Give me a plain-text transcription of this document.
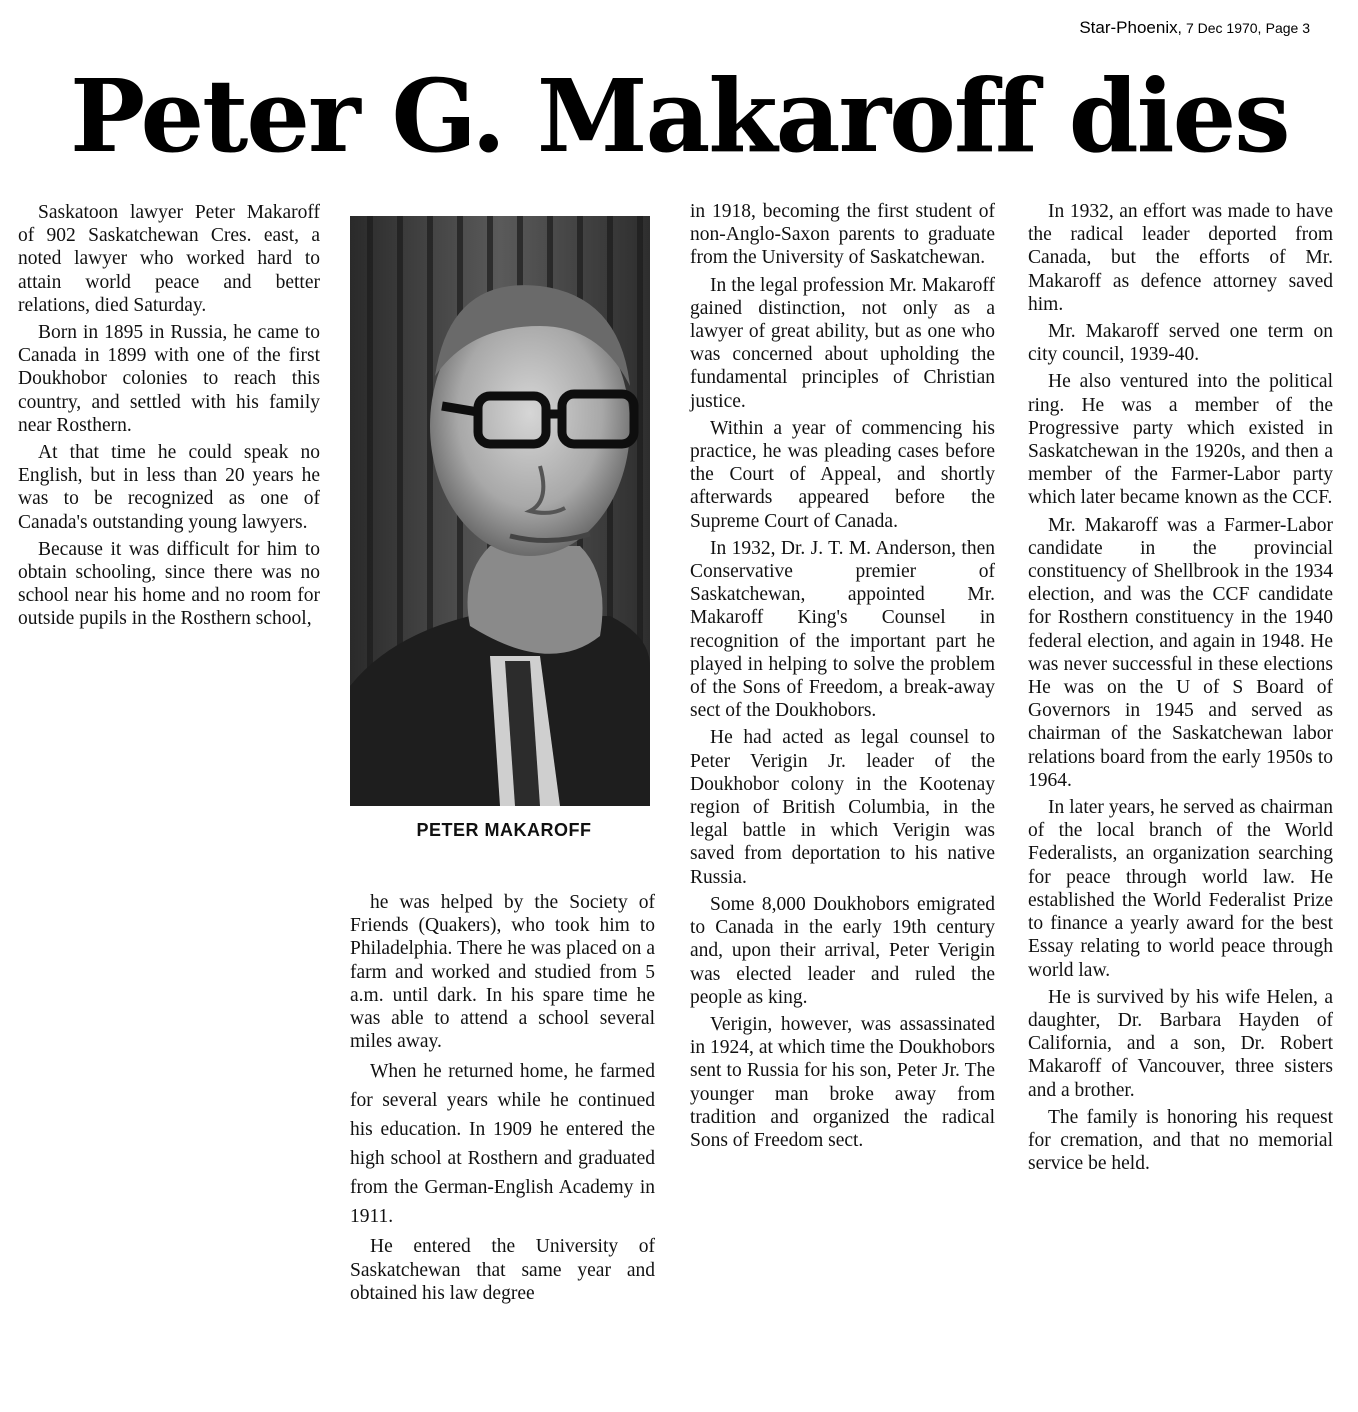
Star-Phoenix, 7 Dec 1970, Page 3
Peter G. Makaroff dies

Saskatoon lawyer Peter Makaroff of 902 Saskatchewan Cres. east, a noted lawyer who worked hard to attain world peace and better relations, died Saturday.

Born in 1895 in Russia, he came to Canada in 1899 with one of the first Doukhobor colonies to reach this country, and settled with his family near Rosthern.

At that time he could speak no English, but in less than 20 years he was to be recognized as one of Canada's outstanding young lawyers.

Because it was difficult for him to obtain schooling, since there was no school near his home and no room for outside pupils in the Rosthern school,

PETER MAKAROFF

he was helped by the Society of Friends (Quakers), who took him to Philadelphia. There he was placed on a farm and worked and studied from 5 a.m. until dark. In his spare time he was able to attend a school several miles away.

When he returned home, he farmed for several years while he continued his education. In 1909 he entered the high school at Rosthern and graduated from the German-English Academy in 1911.

He entered the University of Saskatchewan that same year and obtained his law degree

in 1918, becoming the first student of non-Anglo-Saxon parents to graduate from the University of Saskatchewan.

In the legal profession Mr. Makaroff gained distinction, not only as a lawyer of great ability, but as one who was concerned about upholding the fundamental principles of Christian justice.

Within a year of commencing his practice, he was pleading cases before the Court of Appeal, and shortly afterwards appeared before the Supreme Court of Canada.

In 1932, Dr. J. T. M. Anderson, then Conservative premier of Saskatchewan, appointed Mr. Makaroff King's Counsel in recognition of the important part he played in helping to solve the problem of the Sons of Freedom, a break-away sect of the Doukhobors.

He had acted as legal counsel to Peter Verigin Jr. leader of the Doukhobor colony in the Kootenay region of British Columbia, in the legal battle in which Verigin was saved from deportation to his native Russia.

Some 8,000 Doukhobors emigrated to Canada in the early 19th century and, upon their arrival, Peter Verigin was elected leader and ruled the people as king.

Verigin, however, was assassinated in 1924, at which time the Doukhobors sent to Russia for his son, Peter Jr. The younger man broke away from tradition and organized the radical Sons of Freedom sect.

In 1932, an effort was made to have the radical leader deported from Canada, but the efforts of Mr. Makaroff as defence attorney saved him.

Mr. Makaroff served one term on city council, 1939-40.

He also ventured into the political ring. He was a member of the Progressive party which existed in Saskatchewan in the 1920s, and then a member of the Farmer-Labor party which later became known as the CCF.

Mr. Makaroff was a Farmer-Labor candidate in the provincial constituency of Shellbrook in the 1934 election, and was the CCF candidate for Rosthern constituency in the 1940 federal election, and again in 1948. He was never successful in these elections He was on the U of S Board of Governors in 1945 and served as chairman of the Saskatchewan labor relations board from the early 1950s to 1964.

In later years, he served as chairman of the local branch of the World Federalists, an organization searching for peace through world law. He established the World Federalist Prize to finance a yearly award for the best Essay relating to world peace through world law.

He is survived by his wife Helen, a daughter, Dr. Barbara Hayden of California, and a son, Dr. Robert Makaroff of Vancouver, three sisters and a brother.

The family is honoring his request for cremation, and that no memorial service be held.
